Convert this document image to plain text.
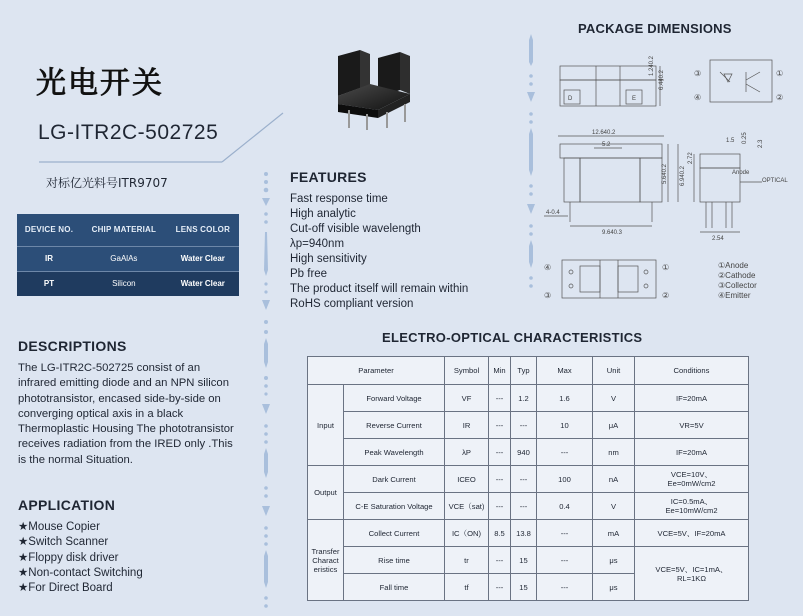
光电开关
LG-ITR2C-502725
对标亿光料号ITR9707
DEVICE NO.	CHIP MATERIAL	LENS COLOR
IR	GaAlAs	Water Clear
PT	Silicon	Water Clear
DESCRIPTIONS
The LG-ITR2C-502725 consist of an
infrared emitting diode and an NPN silicon
phototransistor, encased side-by-side on
converging optical axis in a black
Thermoplastic Housing The phototransistor
receives radiation from the IRED only .This
is the normal Situation.
APPLICATION
★Mouse Copier
★Switch Scanner
★Floppy disk driver
★Non-contact Switching
★For Direct Board
FEATURES
Fast response time
High analytic
Cut-off visible wavelength
λp=940nm
High sensitivity
Pb free
The product itself will remain within
RoHS compliant version
PACKAGE DIMENSIONS
D	E
1.240.2
6.440.2
12.640.2
5.2
5.640.2 6.940.2
4-0.4
9.640.3
1.5 0.25 2.3
2.72
2.54
OPTICAL
Anode
③
④
①
②
④
③
①
②
①Anode
②Cathode
③Collector
④Emitter
ELECTRO-OPTICAL CHARACTERISTICS
Parameter		Symbol	Min	Typ	Max	Unit	Conditions
Input	Forward Voltage	VF	---	1.2	1.6	V	IF=20mA
	Reverse Current	IR	---	---	10	μA	VR=5V
	Peak Wavelength	λP	---	940	---	nm	IF=20mA
Output	Dark Current	ICEO	---	---	100	nA	VCE=10V、
Ee=0mW/cm2

	C-E Saturation Voltage	VCE（sat)	---	---	0.4	V	IC=0.5mA、
Ee=10mW/cm2

Transfer
Charact
eristics	Collect Current	IC（ON)	8.5	13.8	---	mA	VCE=5V、IF=20mA
	Rise time	tr	---	15	---	μs	VCE=5V、IC=1mA、
RL=1KΩ

	Fall time	tf	---	15	---	μs	
